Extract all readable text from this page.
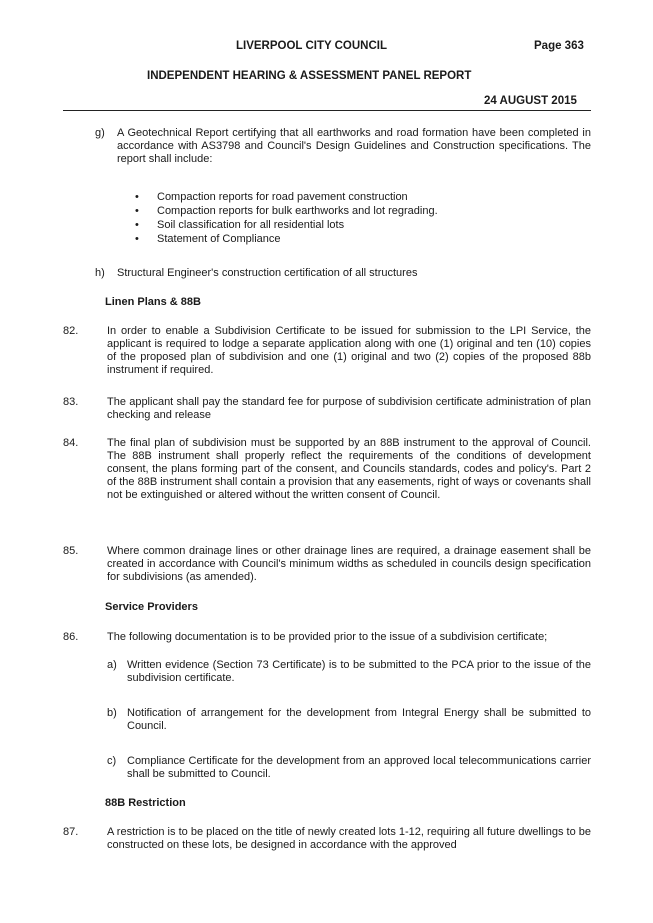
LIVERPOOL CITY COUNCIL	Page 363
INDEPENDENT HEARING & ASSESSMENT PANEL REPORT
24 AUGUST 2015
g) A Geotechnical Report certifying that all earthworks and road formation have been completed in accordance with AS3798 and Council's Design Guidelines and Construction specifications. The report shall include:
• Compaction reports for road pavement construction
• Compaction reports for bulk earthworks and lot regrading.
• Soil classification for all residential lots
• Statement of Compliance
h) Structural Engineer's construction certification of all structures
Linen Plans & 88B
82.	In order to enable a Subdivision Certificate to be issued for submission to the LPI Service, the applicant is required to lodge a separate application along with one (1) original and ten (10) copies of the proposed plan of subdivision and one (1) original and two (2) copies of the proposed 88b instrument if required.
83.	The applicant shall pay the standard fee for purpose of subdivision certificate administration of plan checking and release
84.	The final plan of subdivision must be supported by an 88B instrument to the approval of Council. The 88B instrument shall properly reflect the requirements of the conditions of development consent, the plans forming part of the consent, and Councils standards, codes and policy's. Part 2 of the 88B instrument shall contain a provision that any easements, right of ways or covenants shall not be extinguished or altered without the written consent of Council.
85.	Where common drainage lines or other drainage lines are required, a drainage easement shall be created in accordance with Council's minimum widths as scheduled in councils design specification for subdivisions (as amended).
Service Providers
86.	The following documentation is to be provided prior to the issue of a subdivision certificate;
a) Written evidence (Section 73 Certificate) is to be submitted to the PCA prior to the issue of the subdivision certificate.
b) Notification of arrangement for the development from Integral Energy shall be submitted to Council.
c) Compliance Certificate for the development from an approved local telecommunications carrier shall be submitted to Council.
88B Restriction
87.	A restriction is to be placed on the title of newly created lots 1-12, requiring all future dwellings to be constructed on these lots, be designed in accordance with the approved
